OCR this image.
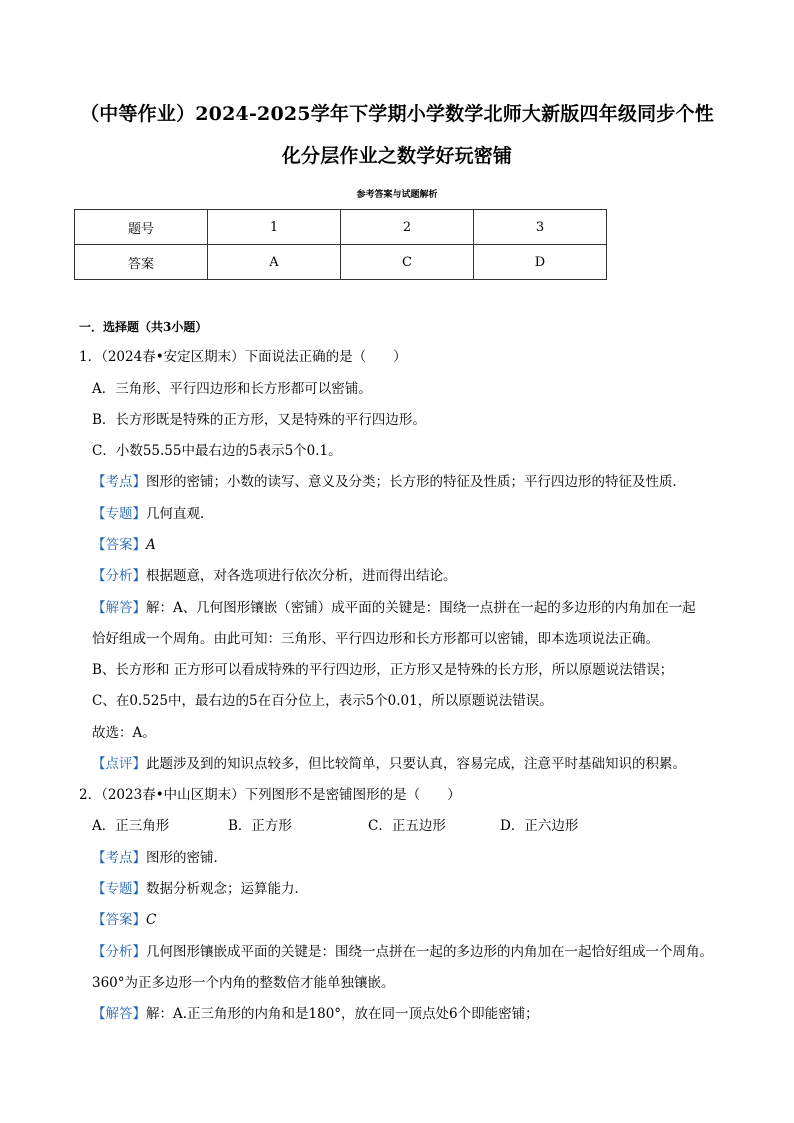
（中等作业）2024-2025学年下学期小学数学北师大新版四年级同步个性
化分层作业之数学好玩密铺
参考答案与试题解析
题号	1	2	3
答案	A	C	D
一．选择题（共3小题）
1．（2024春•安定区期末）下面说法正确的是（　　）
A．三角形、平行四边形和长方形都可以密铺。
B．长方形既是特殊的正方形，又是特殊的平行四边形。
C．小数55.55中最右边的5表示5个0.1。
【考点】图形的密铺；小数的读写、意义及分类；长方形的特征及性质；平行四边形的特征及性质．
【专题】几何直观．
【答案】A
【分析】根据题意，对各选项进行依次分析，进而得出结论。
【解答】解：A、几何图形镶嵌（密铺）成平面的关键是：围绕一点拼在一起的多边形的内角加在一起
恰好组成一个周角。由此可知：三角形、平行四边形和长方形都可以密铺，即本选项说法正确。
B、长方形和 正方形可以看成特殊的平行四边形，正方形又是特殊的长方形，所以原题说法错误；
C、在0.525中，最右边的5在百分位上，表示5个0.01，所以原题说法错误。
故选：A。
【点评】此题涉及到的知识点较多，但比较简单，只要认真，容易完成，注意平时基础知识的积累。
2．（2023春•中山区期末）下列图形不是密铺图形的是（　　）
A．正三角形	B．正方形	C．正五边形	D．正六边形
【考点】图形的密铺．
【专题】数据分析观念；运算能力．
【答案】C
【分析】几何图形镶嵌成平面的关键是：围绕一点拼在一起的多边形的内角加在一起恰好组成一个周角。
360°为正多边形一个内角的整数倍才能单独镶嵌。
【解答】解：A.正三角形的内角和是180°，放在同一顶点处6个即能密铺；
